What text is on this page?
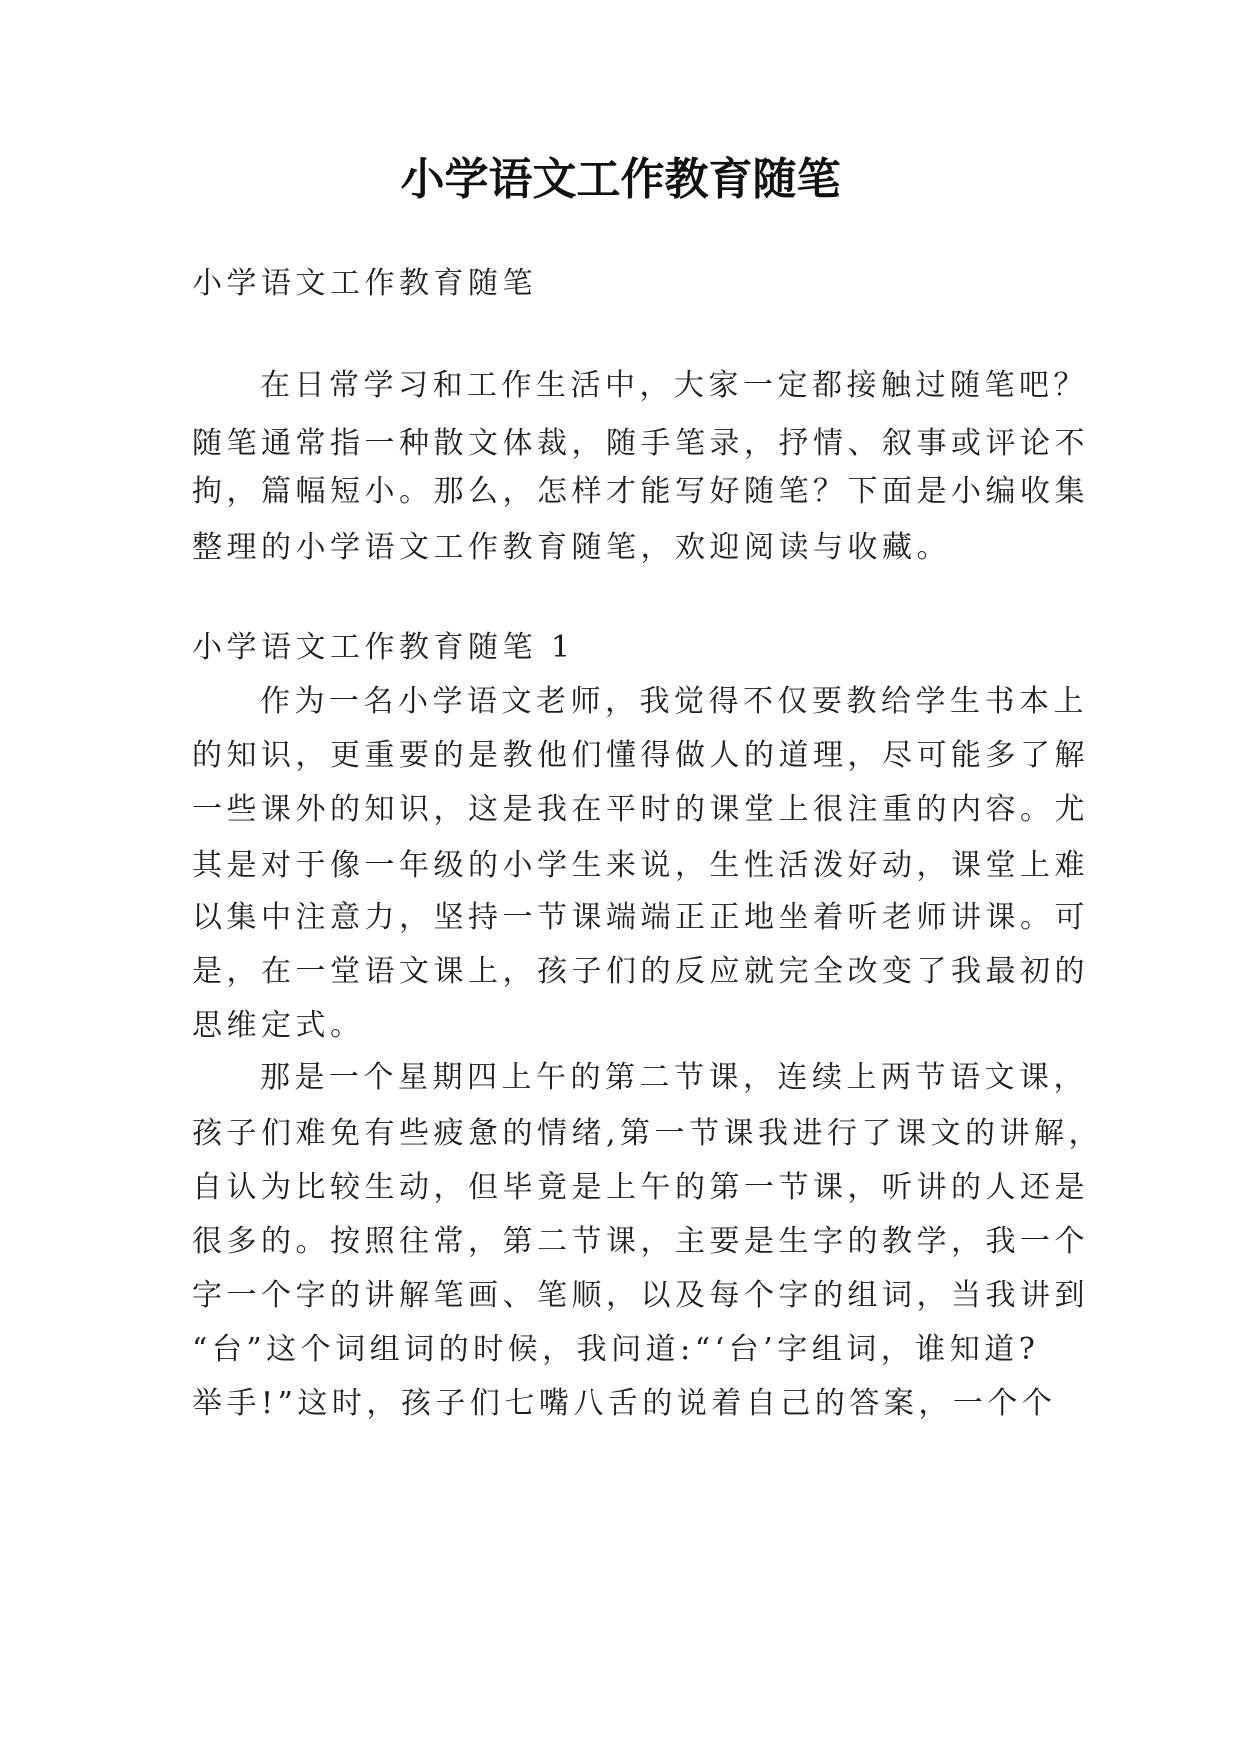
小学语文工作教育随笔
小学语文工作教育随笔
在日常学习和工作生活中，大家一定都接触过随笔吧？
随笔通常指一种散文体裁，随手笔录，抒情、叙事或评论不
拘，篇幅短小。那么，怎样才能写好随笔？下面是小编收集
整理的小学语文工作教育随笔，欢迎阅读与收藏。
小学语文工作教育随笔 1
作为一名小学语文老师，我觉得不仅要教给学生书本上
的知识，更重要的是教他们懂得做人的道理，尽可能多了解
一些课外的知识，这是我在平时的课堂上很注重的内容。尤
其是对于像一年级的小学生来说，生性活泼好动，课堂上难
以集中注意力，坚持一节课端端正正地坐着听老师讲课。可
是，在一堂语文课上，孩子们的反应就完全改变了我最初的
思维定式。
那是一个星期四上午的第二节课，连续上两节语文课，
孩子们难免有些疲惫的情绪,第一节课我进行了课文的讲解，
自认为比较生动，但毕竟是上午的第一节课，听讲的人还是
很多的。按照往常，第二节课，主要是生字的教学，我一个
字一个字的讲解笔画、笔顺，以及每个字的组词，当我讲到
“台”这个词组词的时候，我问道:“‘台’字组词，谁知道?
举手!”这时，孩子们七嘴八舌的说着自己的答案，一个个
